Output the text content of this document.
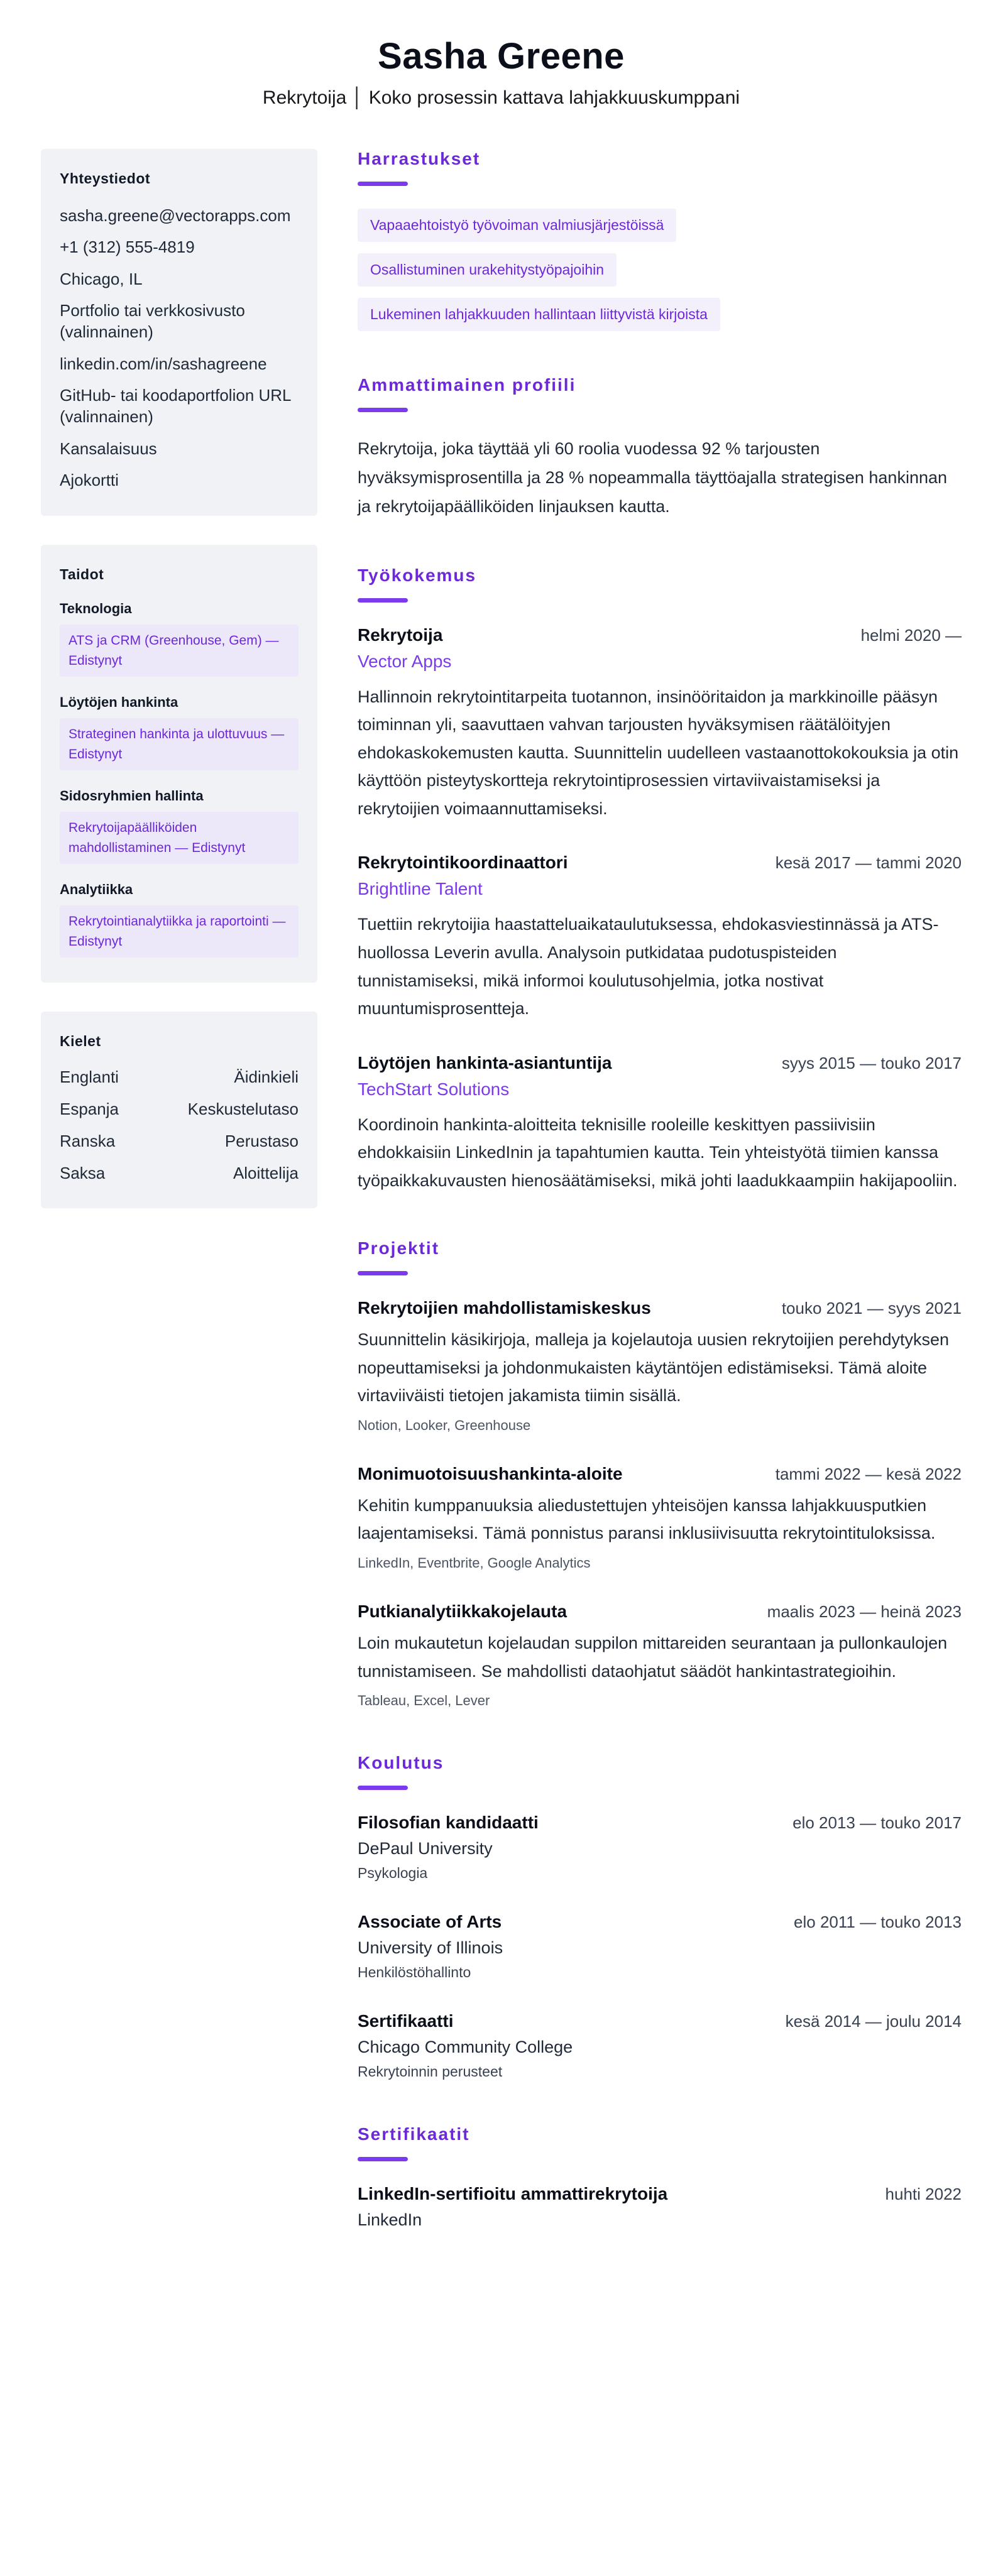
Sasha Greene
Rekrytoija │ Koko prosessin kattava lahjakkuuskumppani
Yhteystiedot
sasha.greene@vectorapps.com
+1 (312) 555-4819
Chicago, IL
Portfolio tai verkkosivusto (valinnainen)
linkedin.com/in/sashagreene
GitHub- tai koodaportfolion URL (valinnainen)
Kansalaisuus
Ajokortti
Taidot
Teknologia
ATS ja CRM (Greenhouse, Gem) — Edistynyt
Löytöjen hankinta
Strateginen hankinta ja ulottuvuus — Edistynyt
Sidosryhmien hallinta
Rekrytoijapäälliköiden mahdollistaminen — Edistynyt
Analytiikka
Rekrytointianalytiikka ja raportointi — Edistynyt
Kielet
Englanti	Äidinkieli
Espanja	Keskustelutaso
Ranska	Perustaso
Saksa	Aloittelija
Harrastukset
Vapaaehtoistyö työvoiman valmiusjärjestöissä
Osallistuminen urakehitystyöpajoihin
Lukeminen lahjakkuuden hallintaan liittyvistä kirjoista
Ammattimainen profiili
Rekrytoija, joka täyttää yli 60 roolia vuodessa 92 % tarjousten hyväksymisprosentilla ja 28 % nopeammalla täyttöajalla strategisen hankinnan ja rekrytoijapäälliköiden linjauksen kautta.
Työkokemus
Rekrytoija	helmi 2020 —
Vector Apps
Hallinnoin rekrytointitarpeita tuotannon, insinööritaidon ja markkinoille pääsyn toiminnan yli, saavuttaen vahvan tarjousten hyväksymisen räätälöityjen ehdokaskokemusten kautta. Suunnittelin uudelleen vastaanottokokouksia ja otin käyttöön pisteytyskortteja rekrytointiprosessien virtaviivaistamiseksi ja rekrytoijien voimaannuttamiseksi.
Rekrytointikoordinaattori	kesä 2017 — tammi 2020
Brightline Talent
Tuettiin rekrytoijia haastatteluaikataulutuksessa, ehdokasviestinnässä ja ATS-huollossa Leverin avulla. Analysoin putkidataa pudotuspisteiden tunnistamiseksi, mikä informoi koulutusohjelmia, jotka nostivat muuntumisprosentteja.
Löytöjen hankinta-asiantuntija	syys 2015 — touko 2017
TechStart Solutions
Koordinoin hankinta-aloitteita teknisille rooleille keskittyen passiivisiin ehdokkaisiin LinkedInin ja tapahtumien kautta. Tein yhteistyötä tiimien kanssa työpaikkakuvausten hienosäätämiseksi, mikä johti laadukkaampiin hakijapooliin.
Projektit
Rekrytoijien mahdollistamiskeskus	touko 2021 — syys 2021
Suunnittelin käsikirjoja, malleja ja kojelautoja uusien rekrytoijien perehdytyksen nopeuttamiseksi ja johdonmukaisten käytäntöjen edistämiseksi. Tämä aloite virtaviiväisti tietojen jakamista tiimin sisällä.
Notion, Looker, Greenhouse
Monimuotoisuushankinta-aloite	tammi 2022 — kesä 2022
Kehitin kumppanuuksia aliedustettujen yhteisöjen kanssa lahjakkuusputkien laajentamiseksi. Tämä ponnistus paransi inklusiivisuutta rekrytointituloksissa.
LinkedIn, Eventbrite, Google Analytics
Putkianalytiikkakojelauta	maalis 2023 — heinä 2023
Loin mukautetun kojelaudan suppilon mittareiden seurantaan ja pullonkaulojen tunnistamiseen. Se mahdollisti dataohjatut säädöt hankintastrategioihin.
Tableau, Excel, Lever
Koulutus
Filosofian kandidaatti	elo 2013 — touko 2017
DePaul University
Psykologia
Associate of Arts	elo 2011 — touko 2013
University of Illinois
Henkilöstöhallinto
Sertifikaatti	kesä 2014 — joulu 2014
Chicago Community College
Rekrytoinnin perusteet
Sertifikaatit
LinkedIn-sertifioitu ammattirekrytoija	huhti 2022
LinkedIn
